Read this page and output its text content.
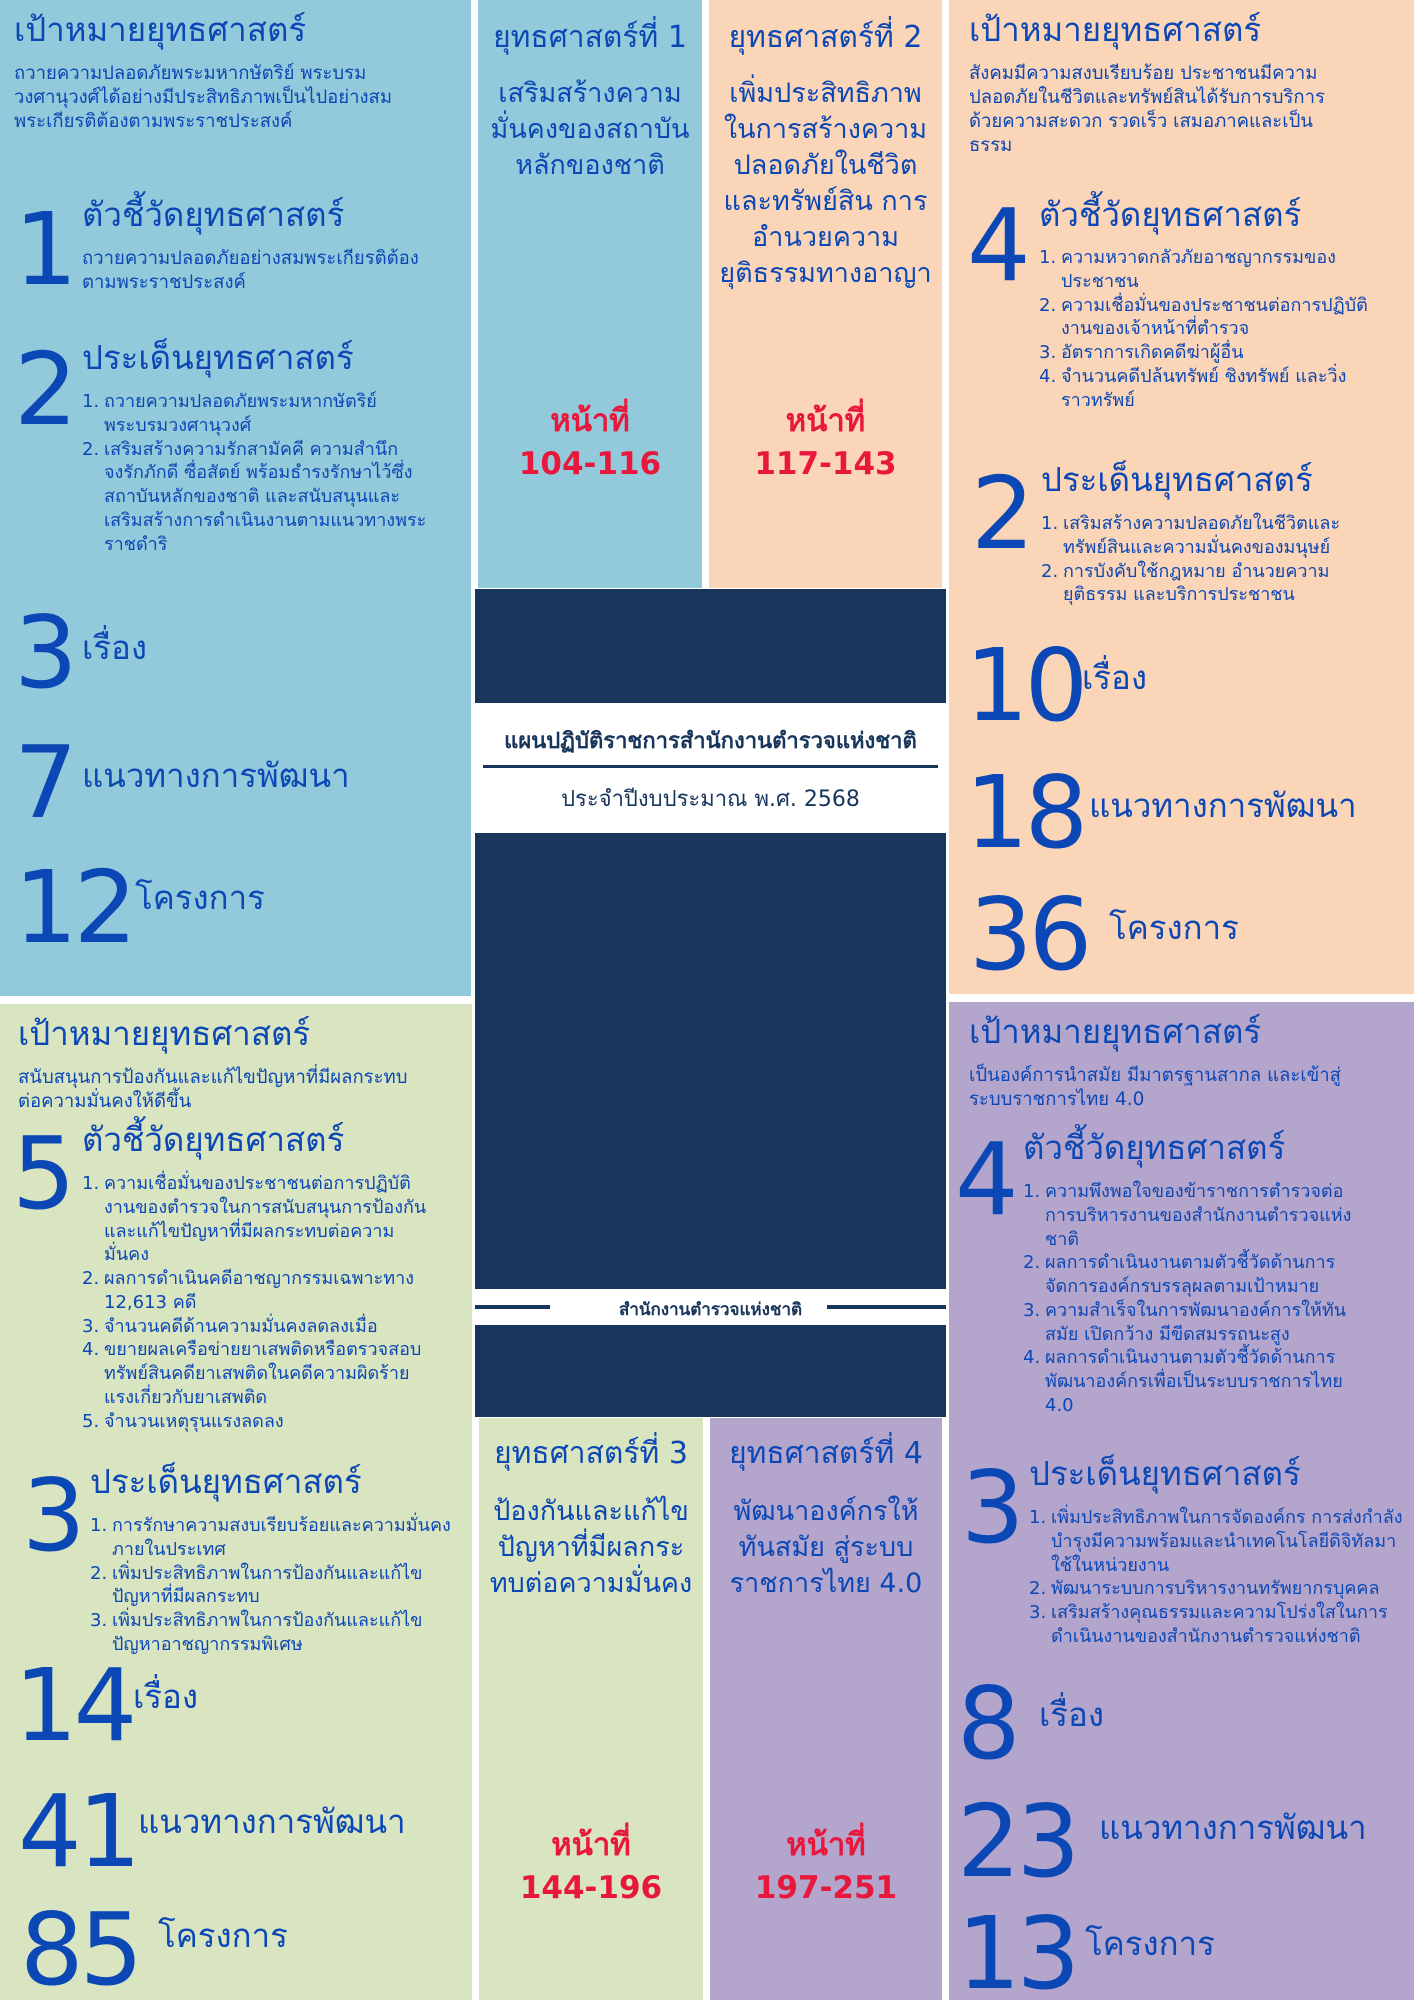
เป้าหมายยุทธศาสตร์
ถวายความปลอดภัยพระมหากษัตริย์ พระบรมวงศานุวงศ์ได้อย่างมีประสิทธิภาพเป็นไปอย่างสมพระเกียรติต้องตามพระราชประสงค์
1 ตัวชี้วัดยุทธศาสตร์
ถวายความปลอดภัยอย่างสมพระเกียรติต้องตามพระราชประสงค์
2 ประเด็นยุทธศาสตร์
1. ถวายความปลอดภัยพระมหากษัตริย์พระบรมวงศานุวงศ์
2. เสริมสร้างความรักสามัคคี ความสำนึกจงรักภักดี ซื่อสัตย์ พร้อมธำรงรักษาไว้ซึ่งสถาบันหลักของชาติ และสนับสนุนและเสริมสร้างการดำเนินงานตามแนวทางพระราชดำริ
3 เรื่อง
7 แนวทางการพัฒนา
12 โครงการ
ยุทธศาสตร์ที่ 1
เสริมสร้างความมั่นคงของสถาบันหลักของชาติ
หน้าที่
104-116
ยุทธศาสตร์ที่ 2
เพิ่มประสิทธิภาพในการสร้างความปลอดภัยในชีวิตและทรัพย์สิน การอำนวยความยุติธรรมทางอาญา
หน้าที่
117-143
เป้าหมายยุทธศาสตร์
สังคมมีความสงบเรียบร้อย ประชาชนมีความปลอดภัยในชีวิตและทรัพย์สินได้รับการบริการด้วยความสะดวก รวดเร็ว เสมอภาคและเป็นธรรม
4 ตัวชี้วัดยุทธศาสตร์
1. ความหวาดกลัวภัยอาชญากรรมของประชาชน
2. ความเชื่อมั่นของประชาชนต่อการปฏิบัติงานของเจ้าหน้าที่ตำรวจ
3. อัตราการเกิดคดีฆ่าผู้อื่น
4. จำนวนคดีปล้นทรัพย์ ชิงทรัพย์ และวิ่งราวทรัพย์
2 ประเด็นยุทธศาสตร์
1. เสริมสร้างความปลอดภัยในชีวิตและทรัพย์สินและความมั่นคงของมนุษย์
2. การบังคับใช้กฎหมาย อำนวยความยุติธรรม และบริการประชาชน
10
เรื่อง
18 แนวทางการพัฒนา
36 โครงการ
แผนปฏิบัติราชการสำนักงานตำรวจแห่งชาติ
ประจำปีงบประมาณ พ.ศ. 2568
สำนักงานตำรวจแห่งชาติ
เป้าหมายยุทธศาสตร์
สนับสนุนการป้องกันและแก้ไขปัญหาที่มีผลกระทบต่อความมั่นคงให้ดีขึ้น
5 ตัวชี้วัดยุทธศาสตร์
1. ความเชื่อมั่นของประชาชนต่อการปฏิบัติงานของตำรวจในการสนับสนุนการป้องกันและแก้ไขปัญหาที่มีผลกระทบต่อความมั่นคง
2. ผลการดำเนินคดีอาชญากรรมเฉพาะทาง 12,613 คดี
3. จำนวนคดีด้านความมั่นคงลดลงเมื่อ
4. ขยายผลเครือข่ายยาเสพติดหรือตรวจสอบทรัพย์สินคดียาเสพติดในคดีความผิดร้ายแรงเกี่ยวกับยาเสพติด
5. จำนวนเหตุรุนแรงลดลง
3 ประเด็นยุทธศาสตร์
1. การรักษาความสงบเรียบร้อยและความมั่นคงภายในประเทศ
2. เพิ่มประสิทธิภาพในการป้องกันและแก้ไขปัญหาที่มีผลกระทบ
3. เพิ่มประสิทธิภาพในการป้องกันและแก้ไขปัญหาอาชญากรรมพิเศษ
14 เรื่อง
41 แนวทางการพัฒนา
85 โครงการ
ยุทธศาสตร์ที่ 3
ป้องกันและแก้ไขปัญหาที่มีผลกระทบต่อความมั่นคง
หน้าที่
144-196
ยุทธศาสตร์ที่ 4
พัฒนาองค์กรให้ทันสมัย สู่ระบบราชการไทย 4.0
หน้าที่
197-251
เป้าหมายยุทธศาสตร์
เป็นองค์การนำสมัย มีมาตรฐานสากล และเข้าสู่ระบบราชการไทย 4.0
4 ตัวชี้วัดยุทธศาสตร์
1. ความพึงพอใจของข้าราชการตำรวจต่อการบริหารงานของสำนักงานตำรวจแห่งชาติ
2. ผลการดำเนินงานตามตัวชี้วัดด้านการจัดการองค์กรบรรลุผลตามเป้าหมาย
3. ความสำเร็จในการพัฒนาองค์การให้ทันสมัย เปิดกว้าง มีขีดสมรรถนะสูง
4. ผลการดำเนินงานตามตัวชี้วัดด้านการพัฒนาองค์กรเพื่อเป็นระบบราชการไทย 4.0
3 ประเด็นยุทธศาสตร์
1. เพิ่มประสิทธิภาพในการจัดองค์กร การส่งกำลังบำรุงมีความพร้อมและนำเทคโนโลยีดิจิทัลมาใช้ในหน่วยงาน
2. พัฒนาระบบการบริหารงานทรัพยากรบุคคล
3. เสริมสร้างคุณธรรมและความโปร่งใสในการดำเนินงานของสำนักงานตำรวจแห่งชาติ
8 เรื่อง
23 แนวทางการพัฒนา
13 โครงการ
